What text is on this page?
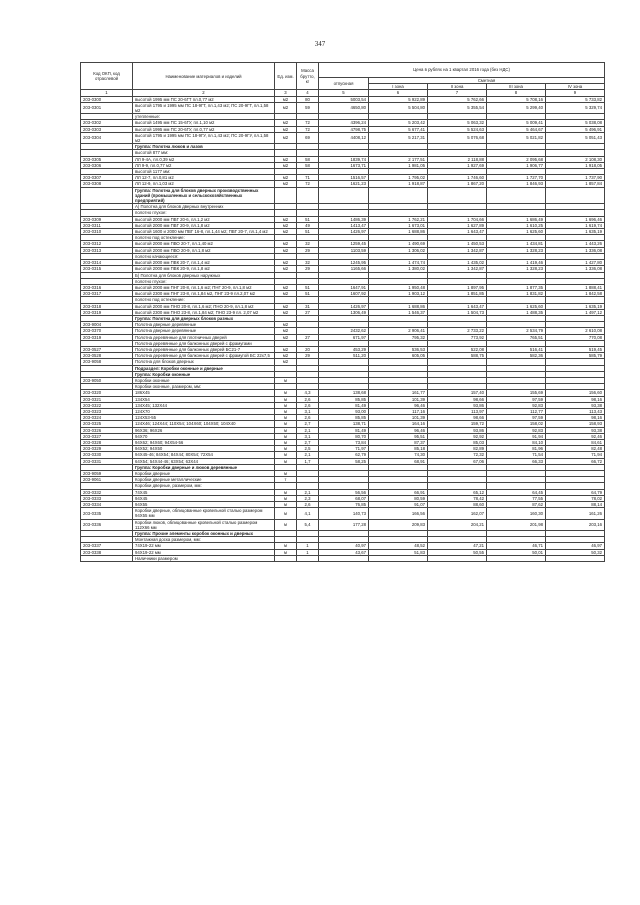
347
Код ОКП, код отраслевой	Наименование материалов и изделий	Ед. изм.	Масса брутто, кг	Цена в рублях на 1 квартал 2016 года (без НДС)				
				отпускная	Сметная			
					I зона	II зона	III зона	IV зона
1	2	3	4	5	6	7	8	9
203-0300	высотой 1995 мм ПС 20-6ГТ пл.0,77 м2	м2	80	5003,54	5 922,89	5 762,66	5 708,16	5 733,82
203-0301	высотой 1795 и 1995 мм ПС 18-9ГТ, пл.1,43 м2; ПС 20-9ГТ, пл.1,58 м2	м2	59	4650,80	5 504,80	5 355,54	5 299,40	5 329,74
	утепленные:							
203-0302	высотой 1495 мм ПС 15-6ГУ, пл.1,10 м2	м2	72	4396,24	5 203,42	5 063,32	5 009,41	5 038,08
203-0303	высотой 1995 мм ПС 20-6ГУ, пл.0,77 м2	м2	72	4798,75	5 677,41	5 524,63	5 464,67	5 496,91
203-0304	высотой 1795 и 1995 мм ПС 18-9ГУ, пл.1,43 м2; ПС 20-9ГУ, пл.1,58 м2	м2	69	4408,12	5 217,31	5 076,68	5 021,82	5 051,43
	Группа: Полотна люков и лазов							
	высотой 877 мм:							
203-0305	ЛЛ 9-4А, пл.0,39 м2	м2	58	1839,74	2 177,51	2 118,88	2 095,68	2 108,30
203-0306	ЛЛ 9-9, пл.0,77 м2	м2	58	1673,71	1 981,05	1 927,69	1 906,77	1 918,05
	высотой 1177 мм:							
203-0307	ЛЛ 12-7, пл.0,81 м2	м2	71	1516,57	1 795,02	1 746,60	1 727,70	1 737,90
203-0308	ЛЛ 12-9, пл.1,03 м2	м2	72	1621,23	1 918,87	1 867,20	1 846,93	1 857,84
	Группа: Полотна для блоков дверных производственных зданий (промышленных и сельскохозяйственных предприятий)							
	А) Полотна для блоков дверных внутренних							
	полотно глухое:							
203-0309	высотой 2000 мм ПВГ 20-6, пл.1,2 м2	м2	51	1486,39	1 762,21	1 704,66	1 686,49	1 696,46
203-0311	высотой 2000 мм ПВГ 20-9, пл.1,8 м2	м2	49	1413,47	1 673,01	1 627,89	1 610,25	1 619,74
203-0310	высотой 1600 и 2000 мм ПВГ 16-8, пл.1,44 м2; ПВГ 20-7, пл.1,4 м2	м2	51	1426,97	1 688,86	1 643,47	1 625,60	1 635,19
	полотно под остекление:							
203-0312	высотой 2000 мм ПВО 20-7, пл.1,40 м2	м2	32	1259,45	1 490,69	1 450,53	1 434,81	1 443,26
203-0313	высотой 2000 мм ПВО 20-9, пл.1,8 м2	м2	29	1103,59	1 306,02	1 342,87	1 328,23	1 336,08
	полотно качающееся:							
203-0314	высотой 2000 мм ПВК 20-7, пл.1,4 м2	м2	32	1245,95	1 474,74	1 435,02	1 419,46	1 427,80
203-0315	высотой 2000 мм ПВК 20-9, пл.1,8 м2	м2	29	1165,66	1 380,02	1 342,87	1 328,23	1 336,08
	Б) Полотна для блоков дверных наружных							
	полотно глухое:							
203-0316	высотой 2000 мм ПНГ 20-8, пл.1,6 м2; ПНГ 20-9, пл.1,8 м2	м2	51	1647,91	1 950,48	1 897,95	1 877,35	1 888,41
203-0317	высотой 2300 мм ПНГ 23-8, пл.1,84 м2, ПНГ 23-9 пл.2,07 м2	м2	51	1607,92	1 903,12	1 851,85	1 831,82	1 842,58
	полотно под остекление:							
203-0318	высотой 2000 мм ПНО 20-8, пл.1,6 м2; ПНО 20-9, пл.1,8 м2	м2	31	1426,97	1 688,86	1 643,47	1 625,60	1 635,19
203-0319	высотой 2300 мм ПНО 23-8, пл.1,84 м2; ПНО 23-9 пл. 2,07 м2	м2	27	1306,49	1 546,37	1 504,73	1 488,35	1 497,12
	Группа: Полотна для дверных блоков разных							
203-9004	Полотна дверные деревянные	м2						
203-0370	Полотна дверные деревянные	м2		2432,62	2 906,41	2 733,22	2 534,79	2 610,08
203-0319	Полотна деревянные для плотничных дверей	м2	27	671,97	795,32	773,92	765,51	770,08
	Полотна деревянные для балконных дверей с фрамугами							
203-0527	Полотна деревянные для балконных дверей БС21-7	м2	20	453,29	536,53	522,08	516,41	519,45
203-0528	Полотна деревянные для балконных дверей с фрамугой БС 22х7,5	м2	29	511,20	605,05	588,75	582,36	585,79
203-9058	Полотна для блоков дверных	м2						
	Подраздел: Коробки оконные и дверные							
	Группа: Коробки оконные							
203-9050	Коробки оконные	м						
	Коробки оконные, размером, мм:							
203-0320	186Х45	м	4,3	138,68	161,77	157,40	155,69	156,60
203-0321	134Х54	м	2,6	85,85	101,39	98,66	97,59	98,16
203-0322	134Х45; 132Х44	м	2,6	81,49	96,46	93,86	92,83	93,38
203-0323	124Х70	м	3,1	93,00	117,16	113,97	112,77	113,43
203-0324	124Х53-55	м	2,6	85,85	101,39	98,66	97,59	98,16
203-0325	124Х46; 124Х44; 110Х54; 104Х60; 104Х50; 104Х40	м	2,7	138,71	164,16	159,72	158,02	158,93
203-0326	96Х36; 96Х26	м	2,1	81,49	96,46	93,86	92,83	93,38
203-0327	94Х70	м	3,1	80,70	95,51	92,92	91,94	92,46
203-0328	94Х62; 94Х60; 94Х54-56	м	2,7	73,84	87,37	85,03	84,10	84,61
203-0329	94Х52; 94Х50	м	2,5	71,97	85,18	82,89	81,96	82,48
203-0330	94Х45-46; 84Х54; 84Х44; 80Х54; 72Х54	м	2,1	62,79	74,30	72,32	71,54	71,94
203-0331	64Х54; 54Х44-46; 63Х54; 63Х44	м	1,7	58,25	68,91	67,06	66,33	66,72
	Группа: Коробки дверные и люков деревянные							
203-9059	Коробки дверные	м						
203-9061	Коробки дверные металлические	т						
	Коробки дверные, размером, мм:							
203-0332	74Х45	м	2,1	56,56	66,91	65,12	64,45	64,79
203-0333	94Х45	м	2,3	68,07	80,59	78,42	77,55	78,02
203-0334	94Х55	м	2,6	76,85	91,07	88,60	87,62	88,14
203-0335	Коробки дверные, облицованные кровельной сталью размером 94Х55 мм	м	4,1	140,73	166,56	162,07	160,30	161,26
203-0336	Коробки люков, облицованные кровельной сталью размером 112Х66 мм	м	5,4	177,28	209,83	204,21	201,98	203,16
	Группа: Прочие элементы коробок оконных и дверных							
	Монтажная доска размером, мм:							
203-0337	74Х19-22 мм	м	1	40,97	48,52	47,21	46,71	46,97
203-0338	94Х19-22 мм	м	1	43,67	51,83	50,55	50,01	50,32
	Наличники размером							
